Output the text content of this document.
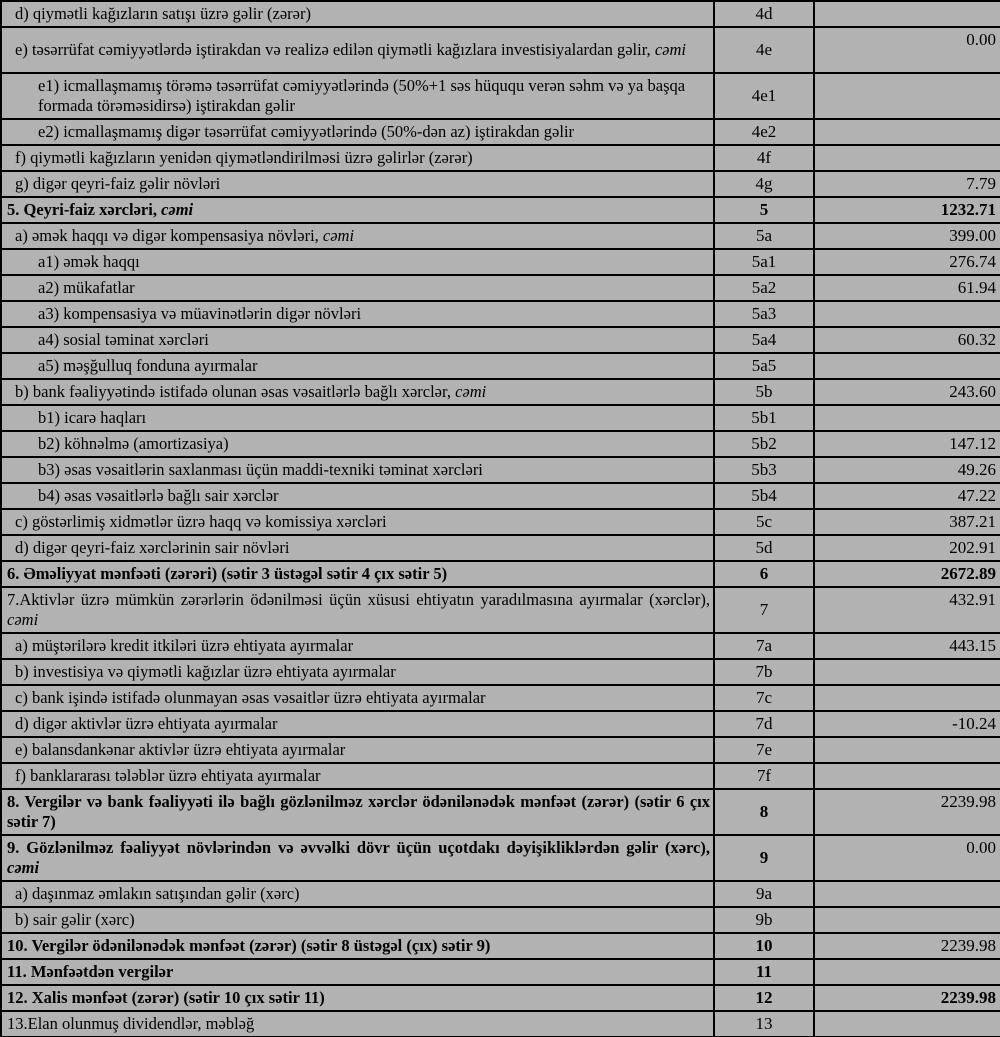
d) qiymətli kağızların satışı üzrə gəlir (zərər)	4d	
e) təsərrüfat cəmiyyətlərdə iştirakdan və realizə edilən qiymətli kağızlara investisiyalardan gəlir, cəmi	4e	0.00
e1) icmallaşmamış törəmə təsərrüfat cəmiyyətlərində (50%+1 səs hüququ verən səhm və ya başqa formada törəməsidirsə) iştirakdan gəlir	4e1	
e2) icmallaşmamış digər təsərrüfat cəmiyyətlərində (50%-dən az) iştirakdan gəlir	4e2	
f) qiymətli kağızların yenidən qiymətləndirilməsi üzrə gəlirlər (zərər)	4f	
g) digər qeyri-faiz gəlir növləri	4g	7.79
5. Qeyri-faiz xərcləri, cəmi	5	1232.71
a) əmək haqqı və digər kompensasiya növləri, cəmi	5a	399.00
a1) əmək haqqı	5a1	276.74
a2) mükafatlar	5a2	61.94
a3) kompensasiya və müavinətlərin digər növləri	5a3	
a4) sosial təminat xərcləri	5a4	60.32
a5) məşğulluq fonduna ayırmalar	5a5	
b) bank fəaliyyətində istifadə olunan əsas vəsaitlərlə bağlı xərclər, cəmi	5b	243.60
b1) icarə haqları	5b1	
b2) köhnəlmə (amortizasiya)	5b2	147.12
b3) əsas vəsaitlərin saxlanması üçün maddi-texniki təminat xərcləri	5b3	49.26
b4) əsas vəsaitlərlə bağlı sair xərclər	5b4	47.22
c) göstərlimiş xidmətlər üzrə haqq və komissiya xərcləri	5c	387.21
d) digər qeyri-faiz xərclərinin sair növləri	5d	202.91
6. Əməliyyat mənfəəti (zərəri) (sətir 3 üstəgəl sətir 4 çıx sətir 5)	6	2672.89
7.Aktivlər üzrə mümkün zərərlərin ödənilməsi üçün xüsusi ehtiyatın yaradılmasına ayırmalar (xərclər), cəmi	7	432.91
a) müştərilərə kredit itkiləri üzrə ehtiyata ayırmalar	7a	443.15
b) investisiya və qiymətli kağızlar üzrə ehtiyata ayırmalar	7b	
c) bank işində istifadə olunmayan əsas vəsaitlər üzrə ehtiyata ayırmalar	7c	
d) digər aktivlər üzrə ehtiyata ayırmalar	7d	-10.24
e) balansdankənar aktivlər üzrə ehtiyata ayırmalar	7e	
f) banklararası tələblər üzrə ehtiyata ayırmalar	7f	
8. Vergilər və bank fəaliyyəti ilə bağlı gözlənilməz xərclər ödənilənədək mənfəət (zərər) (sətir 6 çıx sətir 7)	8	2239.98
9. Gözlənilməz fəaliyyət növlərindən və əvvəlki dövr üçün uçotdakı dəyişikliklərdən gəlir (xərc), cəmi	9	0.00
a) daşınmaz əmlakın satışından gəlir (xərc)	9a	
b) sair gəlir (xərc)	9b	
10. Vergilər ödənilənədək mənfəət (zərər) (sətir 8 üstəgəl (çıx) sətir 9)	10	2239.98
11. Mənfəətdən vergilər	11	
12. Xalis mənfəət (zərər) (sətir 10 çıx sətir 11)	12	2239.98
13.Elan olunmuş dividendlər, məbləğ	13	
